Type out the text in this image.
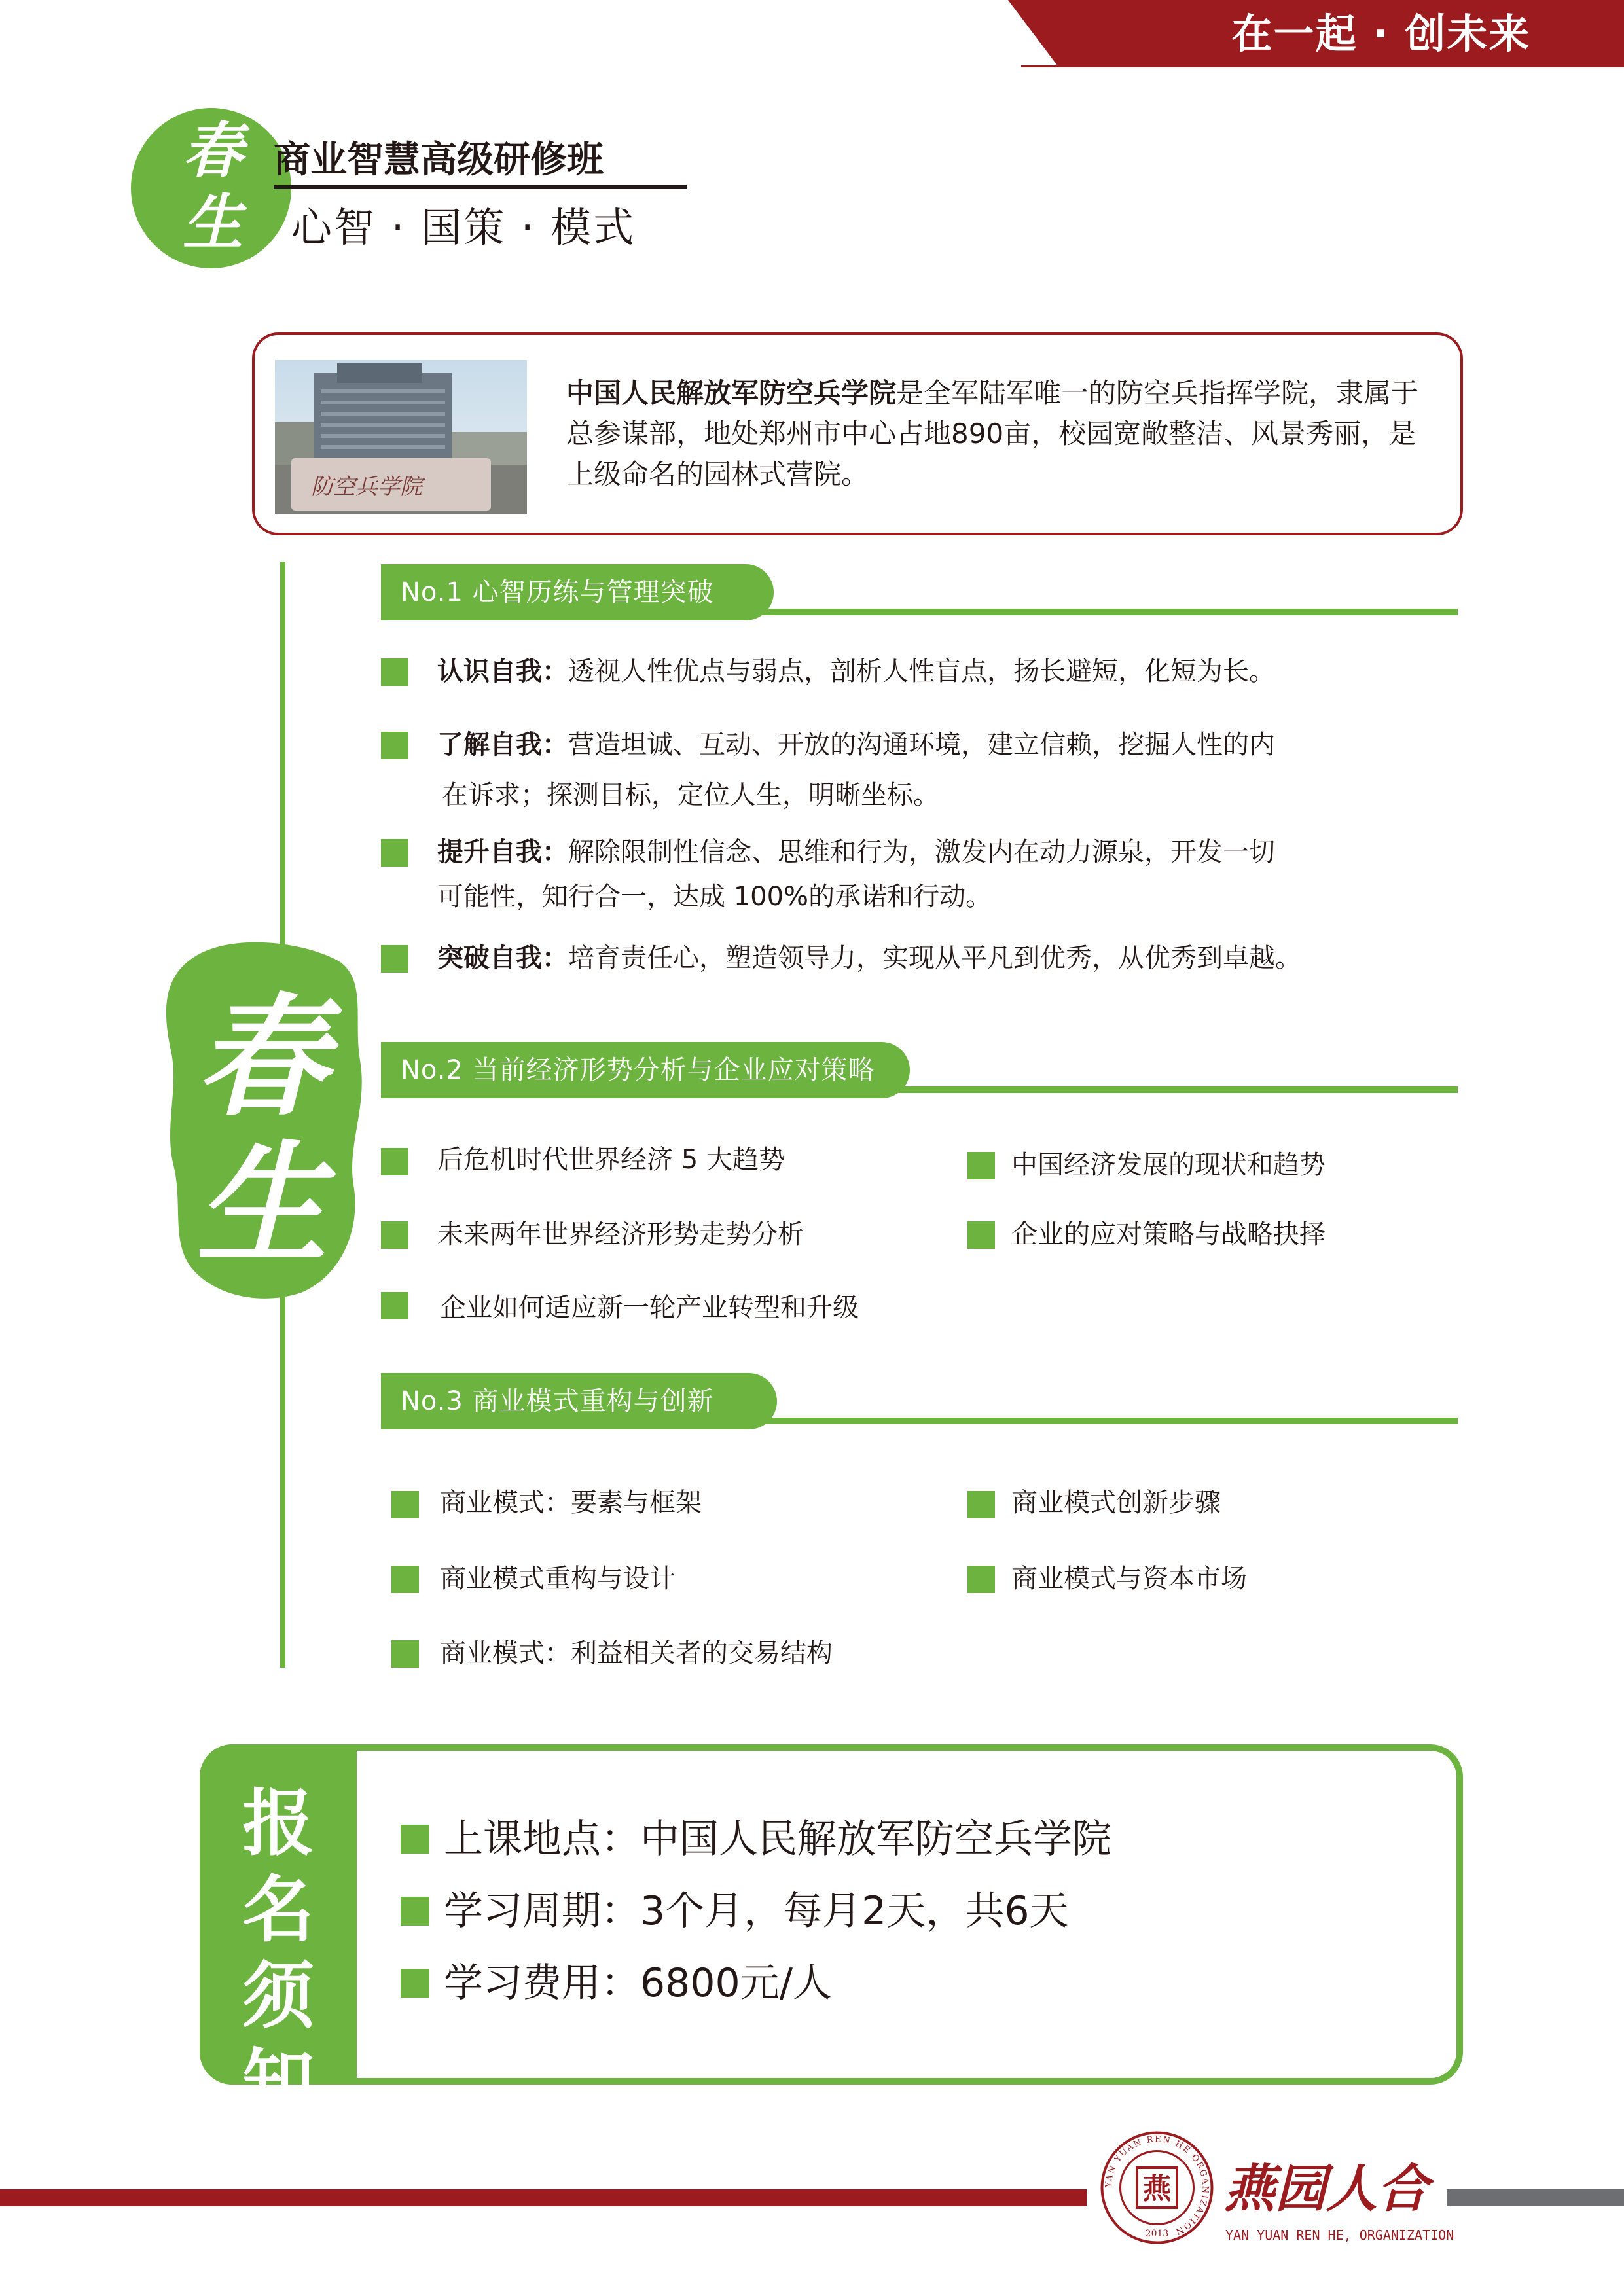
在一起 · 创未来
春
生
商业智慧高级研修班
心智 · 国策 · 模式
防空兵学院
中国人民解放军防空兵学院是全军陆军唯一的防空兵指挥学院，隶属于总参谋部，地处郑州市中心占地890亩，校园宽敞整洁、风景秀丽，是上级命名的园林式营院。
春
生
No.1 心智历练与管理突破
认识自我：透视人性优点与弱点，剖析人性盲点，扬长避短，化短为长。
了解自我：营造坦诚、互动、开放的沟通环境，建立信赖，挖掘人性的内
在诉求；探测目标，定位人生，明晰坐标。
提升自我：解除限制性信念、思维和行为，激发内在动力源泉，开发一切
可能性，知行合一，达成 100%的承诺和行动。
突破自我：培育责任心，塑造领导力，实现从平凡到优秀，从优秀到卓越。
No.2 当前经济形势分析与企业应对策略
后危机时代世界经济 5 大趋势
未来两年世界经济形势走势分析
企业如何适应新一轮产业转型和升级
中国经济发展的现状和趋势
企业的应对策略与战略抉择
No.3 商业模式重构与创新
商业模式：要素与框架
商业模式重构与设计
商业模式：利益相关者的交易结构
商业模式创新步骤
商业模式与资本市场
报
名
须
知
上课地点：中国人民解放军防空兵学院
学习周期：3个月，每月2天，共6天
学习费用：6800元/人
YAN YUAN REN HE ORGANIZATION
燕
2013
燕园人合
YAN YUAN REN HE, ORGANIZATION
